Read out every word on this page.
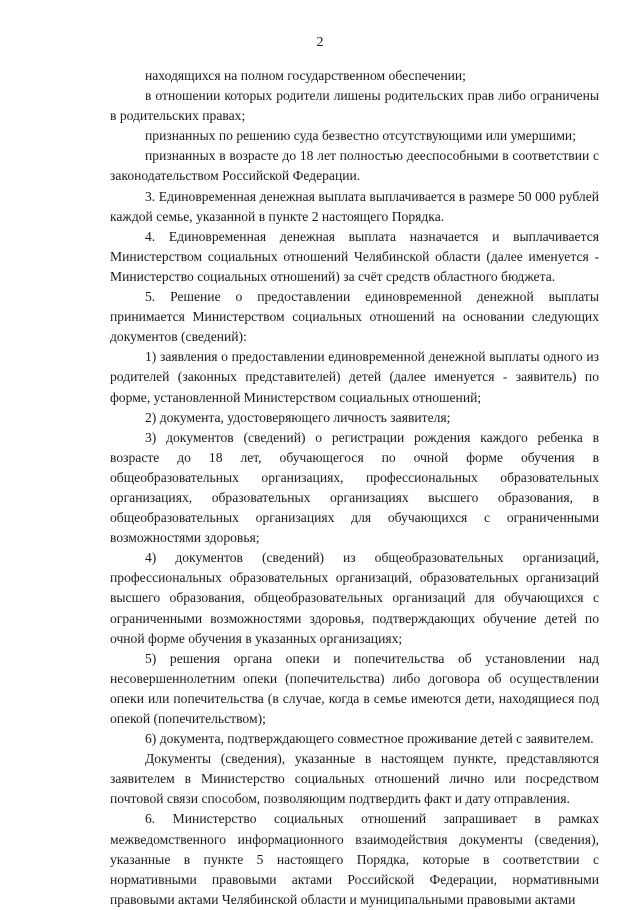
2

находящихся на полном государственном обеспечении;

в отношении которых родители лишены родительских прав либо ограничены в родительских правах;

признанных по решению суда безвестно отсутствующими или умершими;

признанных в возрасте до 18 лет полностью дееспособными в соответствии с законодательством Российской Федерации.

3. Единовременная денежная выплата выплачивается в размере 50 000 рублей каждой семье, указанной в пункте 2 настоящего Порядка.

4. Единовременная денежная выплата назначается и выплачивается Министерством социальных отношений Челябинской области (далее именуется - Министерство социальных отношений) за счёт средств областного бюджета.

5. Решение о предоставлении единовременной денежной выплаты принимается Министерством социальных отношений на основании следующих документов (сведений):

1) заявления о предоставлении единовременной денежной выплаты одного из родителей (законных представителей) детей (далее именуется - заявитель) по форме, установленной Министерством социальных отношений;

2) документа, удостоверяющего личность заявителя;

3) документов (сведений) о регистрации рождения каждого ребенка в возрасте до 18 лет, обучающегося по очной форме обучения в общеобразовательных организациях, профессиональных образовательных организациях, образовательных организациях высшего образования, в общеобразовательных организациях для обучающихся с ограниченными возможностями здоровья;

4) документов (сведений) из общеобразовательных организаций, профессиональных образовательных организаций, образовательных организаций высшего образования, общеобразовательных организаций для обучающихся с ограниченными возможностями здоровья, подтверждающих обучение детей по очной форме обучения в указанных организациях;

5) решения органа опеки и попечительства об установлении над несовершеннолетним опеки (попечительства) либо договора об осуществлении опеки или попечительства (в случае, когда в семье имеются дети, находящиеся под опекой (попечительством);

6) документа, подтверждающего совместное проживание детей с заявителем.

Документы (сведения), указанные в настоящем пункте, представляются заявителем в Министерство социальных отношений лично или посредством почтовой связи способом, позволяющим подтвердить факт и дату отправления.

6. Министерство социальных отношений запрашивает в рамках межведомственного информационного взаимодействия документы (сведения), указанные в пункте 5 настоящего Порядка, которые в соответствии с нормативными правовыми актами Российской Федерации, нормативными правовыми актами Челябинской области и муниципальными правовыми актами
